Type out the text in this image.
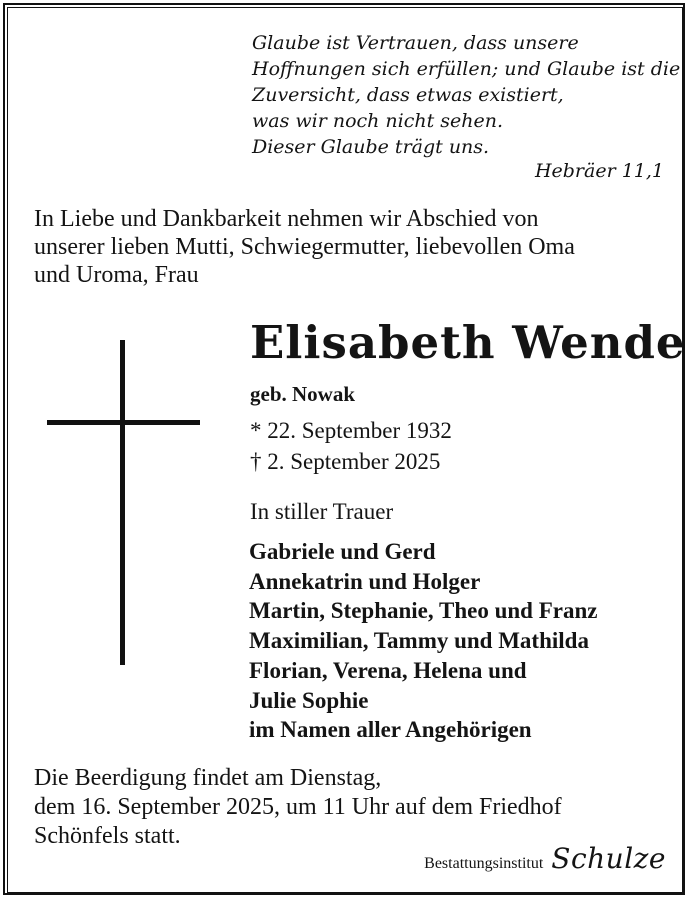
Glaube ist Vertrauen, dass unsere
Hoffnungen sich erfüllen; und Glaube ist die
Zuversicht, dass etwas existiert,
was wir noch nicht sehen.
Dieser Glaube trägt uns.
Hebräer 11,1
In Liebe und Dankbarkeit nehmen wir Abschied von
unserer lieben Mutti, Schwiegermutter, liebevollen Oma
und Uroma, Frau
Elisabeth Wende
geb. Nowak
* 22. September 1932
† 2. September 2025
In stiller Trauer
Gabriele und Gerd
Annekatrin und Holger
Martin, Stephanie, Theo und Franz
Maximilian, Tammy und Mathilda
Florian, Verena, Helena und
Julie Sophie
im Namen aller Angehörigen
Die Beerdigung findet am Dienstag,
dem 16. September 2025, um 11 Uhr auf dem Friedhof
Schönfels statt.
Bestattungsinstitut Schulze
